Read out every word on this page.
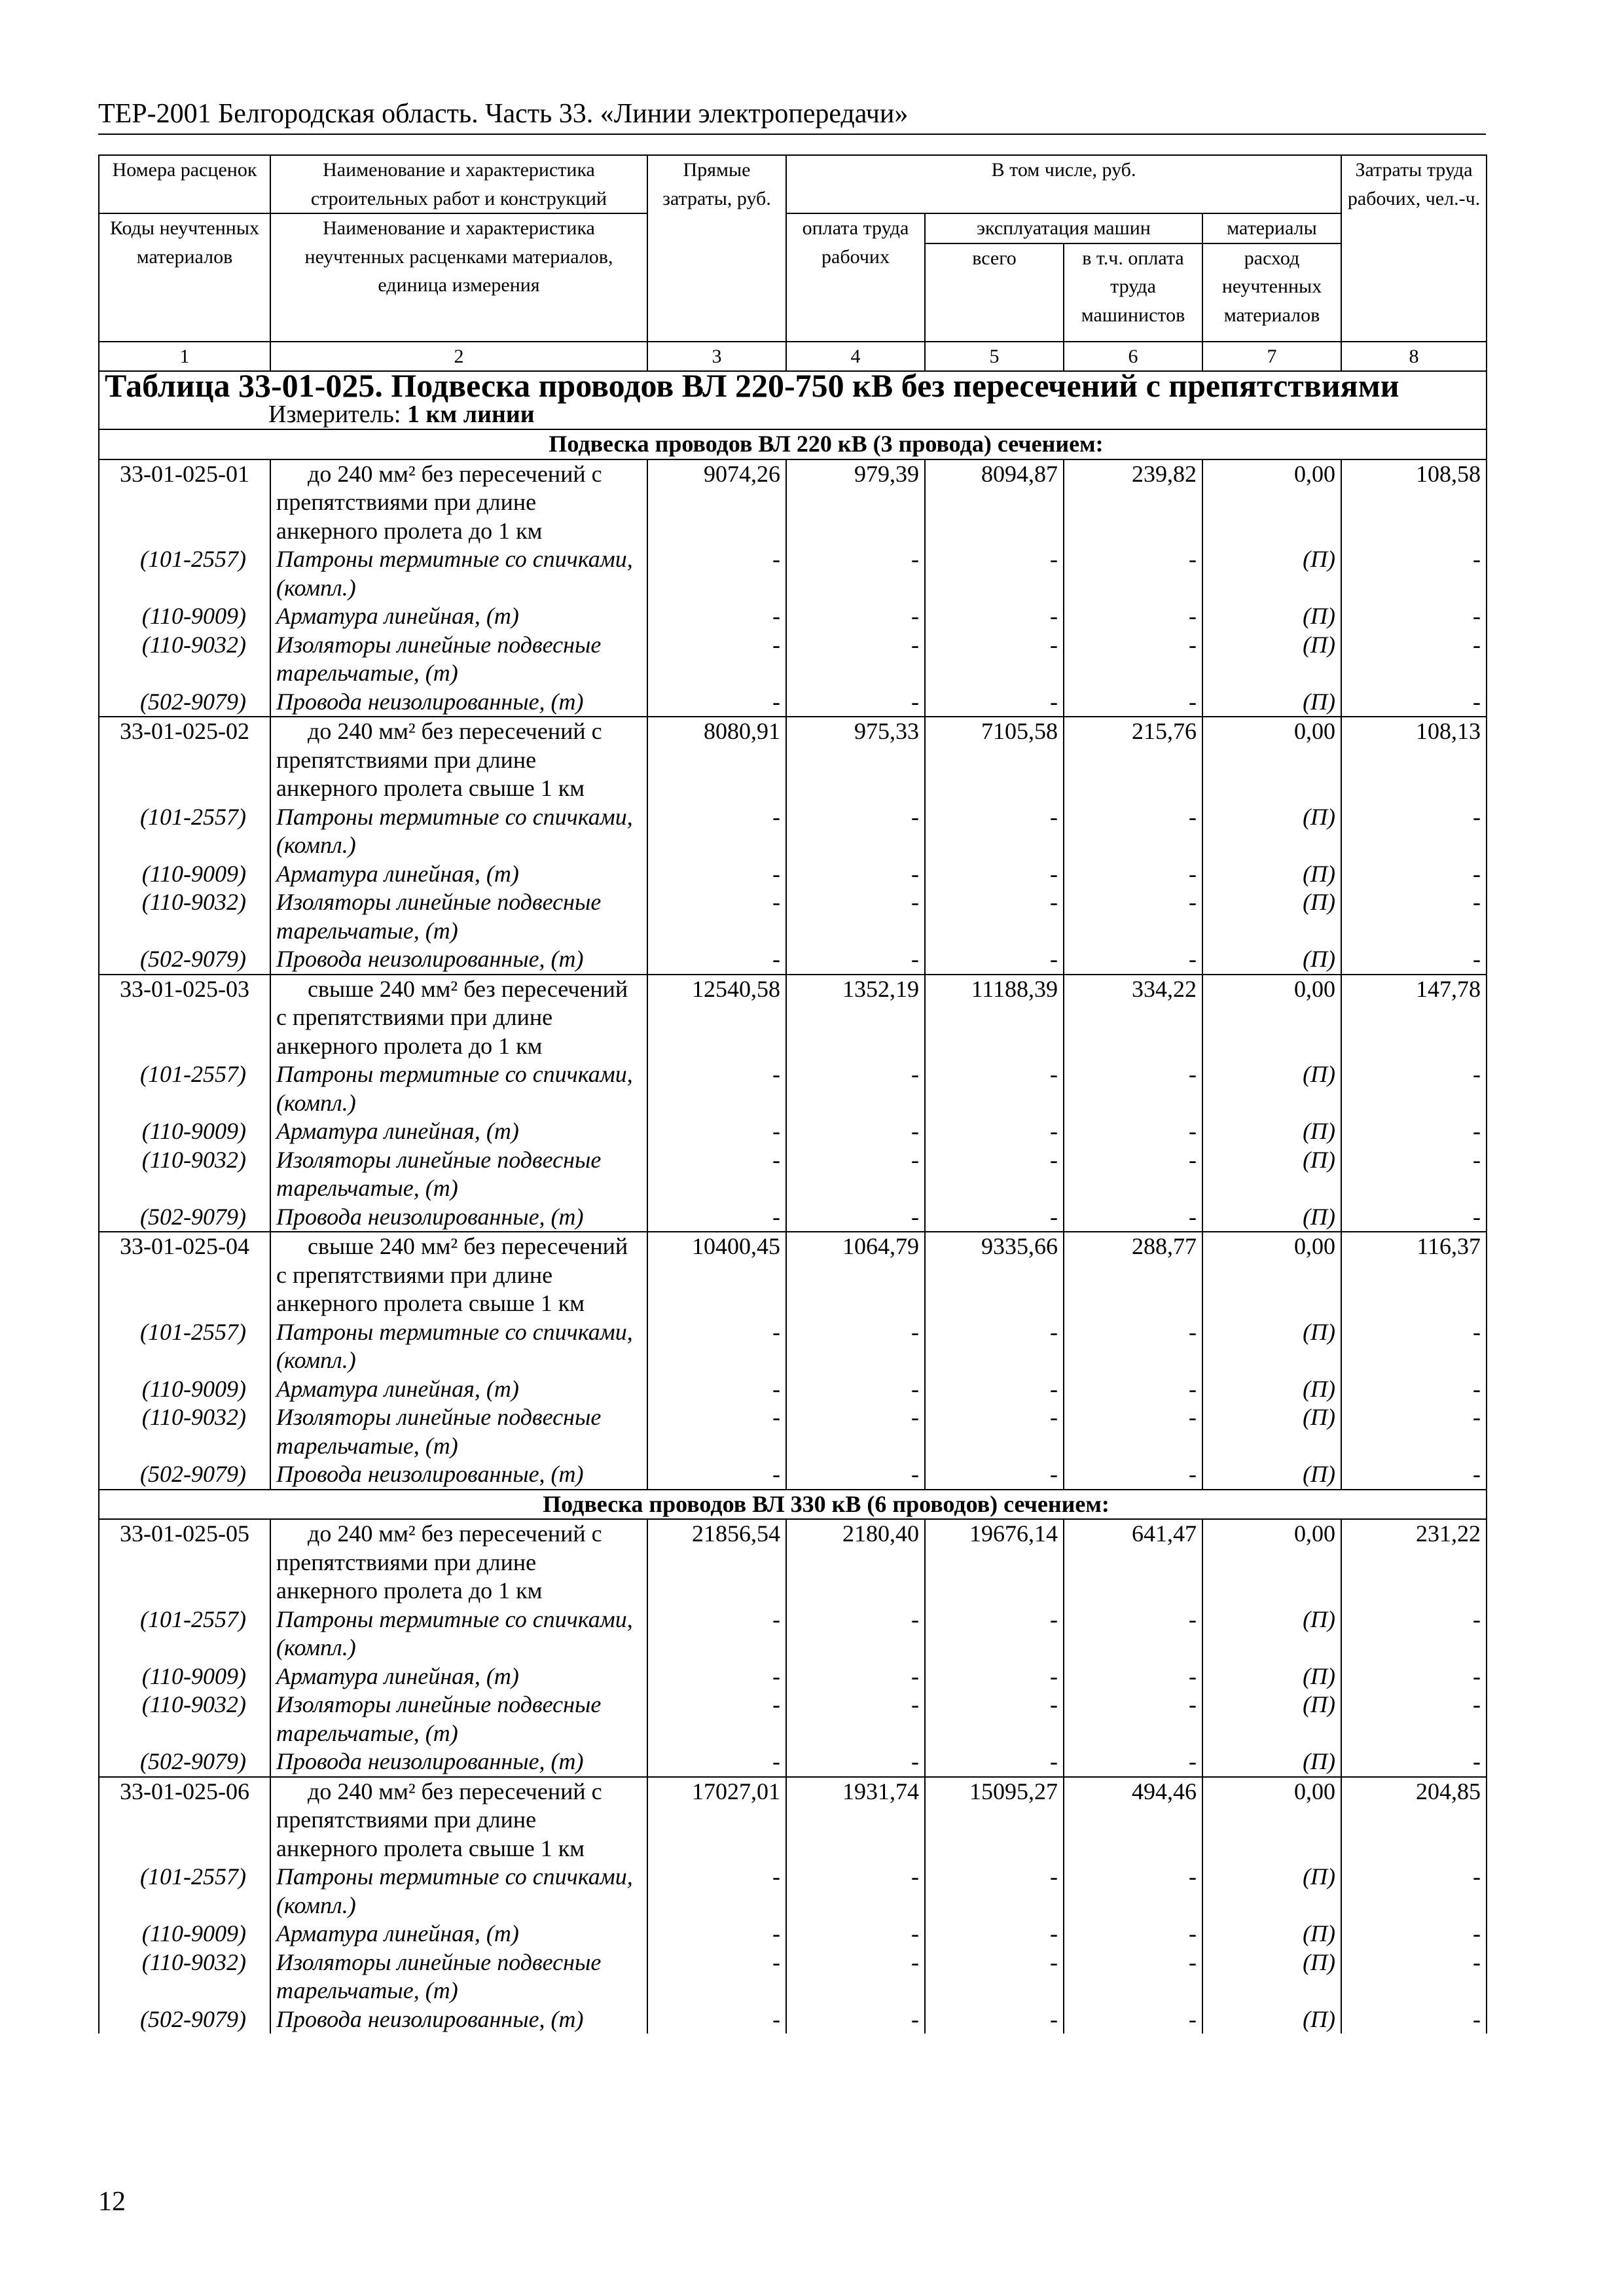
ТЕР-2001 Белгородская область. Часть 33. «Линии электропередачи»
Номера расценок	Наименование и характеристика строительных работ и конструкций	Прямые затраты, руб.	В том числе, руб.				Затраты труда рабочих, чел.-ч.
Коды неучтенных материалов	Наименование и характеристика неучтенных расценками материалов, единица измерения		оплата труда рабочих	эксплуатация машин		материалы	
				всего	в т.ч. оплата труда машинистов	расход неучтенных материалов	
1	2	3	4	5	6	7	8

Таблица 33-01-025. Подвеска проводов ВЛ 220-750 кВ без пересечений с препятствиями
Измеритель: 1 км линии							

Подвеска проводов ВЛ 220 кВ (3 провода) сечением:							
33-01-025-01	до 240 мм² без пересечений с препятствиями при длине анкерного пролета до 1 км	9074,26	979,39	8094,87	239,82	0,00	108,58
(101-2557)	Патроны термитные со спичками, (компл.)	-	-	-	-	(П)	-
(110-9009)	Арматура линейная, (т)	-	-	-	-	(П)	-
(110-9032)	Изоляторы линейные подвесные тарельчатые, (т)	-	-	-	-	(П)	-
(502-9079)	Провода неизолированные, (т)	-	-	-	-	(П)	-
33-01-025-02	до 240 мм² без пересечений с препятствиями при длине анкерного пролета свыше 1 км	8080,91	975,33	7105,58	215,76	0,00	108,13
(101-2557)	Патроны термитные со спичками, (компл.)	-	-	-	-	(П)	-
(110-9009)	Арматура линейная, (т)	-	-	-	-	(П)	-
(110-9032)	Изоляторы линейные подвесные тарельчатые, (т)	-	-	-	-	(П)	-
(502-9079)	Провода неизолированные, (т)	-	-	-	-	(П)	-
33-01-025-03	свыше 240 мм² без пересечений с препятствиями при длине анкерного пролета до 1 км	12540,58	1352,19	11188,39	334,22	0,00	147,78
(101-2557)	Патроны термитные со спичками, (компл.)	-	-	-	-	(П)	-
(110-9009)	Арматура линейная, (т)	-	-	-	-	(П)	-
(110-9032)	Изоляторы линейные подвесные тарельчатые, (т)	-	-	-	-	(П)	-
(502-9079)	Провода неизолированные, (т)	-	-	-	-	(П)	-
33-01-025-04	свыше 240 мм² без пересечений с препятствиями при длине анкерного пролета свыше 1 км	10400,45	1064,79	9335,66	288,77	0,00	116,37
(101-2557)	Патроны термитные со спичками, (компл.)	-	-	-	-	(П)	-
(110-9009)	Арматура линейная, (т)	-	-	-	-	(П)	-
(110-9032)	Изоляторы линейные подвесные тарельчатые, (т)	-	-	-	-	(П)	-
(502-9079)	Провода неизолированные, (т)	-	-	-	-	(П)	-
Подвеска проводов ВЛ 330 кВ (6 проводов) сечением:							
33-01-025-05	до 240 мм² без пересечений с препятствиями при длине анкерного пролета до 1 км	21856,54	2180,40	19676,14	641,47	0,00	231,22
(101-2557)	Патроны термитные со спичками, (компл.)	-	-	-	-	(П)	-
(110-9009)	Арматура линейная, (т)	-	-	-	-	(П)	-
(110-9032)	Изоляторы линейные подвесные тарельчатые, (т)	-	-	-	-	(П)	-
(502-9079)	Провода неизолированные, (т)	-	-	-	-	(П)	-
33-01-025-06	до 240 мм² без пересечений с препятствиями при длине анкерного пролета свыше 1 км	17027,01	1931,74	15095,27	494,46	0,00	204,85
(101-2557)	Патроны термитные со спичками, (компл.)	-	-	-	-	(П)	-
(110-9009)	Арматура линейная, (т)	-	-	-	-	(П)	-
(110-9032)	Изоляторы линейные подвесные тарельчатые, (т)	-	-	-	-	(П)	-
(502-9079)	Провода неизолированные, (т)	-	-	-	-	(П)	-
12
